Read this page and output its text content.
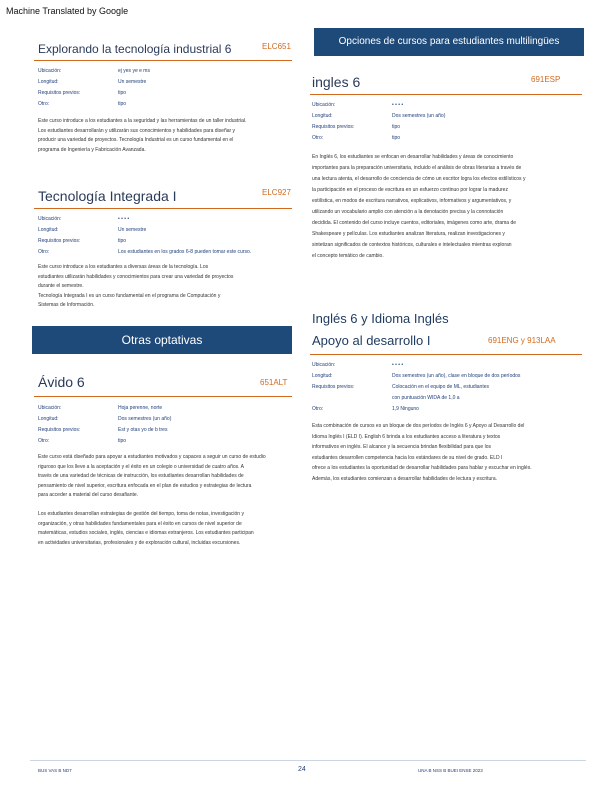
Machine Translated by Google
Explorando la tecnología industrial 6	ELC651
Ubicación:	ej yes ye e ms
Longitud:	Un semestre
Requisitos previos:	tipo
Otro:	tipo
Este curso introduce a los estudiantes a la seguridad y las herramientas de un taller industrial.
Los estudiantes desarrollarán y utilizarán sus conocimientos y habilidades para diseñar y
producir una variedad de proyectos. Tecnología Industrial es un curso fundamental en el
programa de Ingeniería y Fabricación Avanzada.
Tecnología Integrada I	ELC927
Ubicación:	• • • •
Longitud:	Un semestre
Requisitos previos:	tipo
Otro:	Los estudiantes en los grados 6-8 pueden tomar este curso.
Este curso introduce a los estudiantes a diversas áreas de la tecnología. Los
estudiantes utilizarán habilidades y conocimientos para crear una variedad de proyectos
durante el semestre.
Tecnología Integrada I es un curso fundamental en el programa de Computación y
Sistemas de Información.
Otras optativas
Ávido 6	651ALT
Ubicación:	Hoja perenne, norte
Longitud:	Dos semestres (un año)
Requisitos previos:	Est y otas yo de b tres
Otro:	tipo
Este curso está diseñado para apoyar a estudiantes motivados y capaces a seguir un curso de estudio
riguroso que los lleve a la aceptación y el éxito en un colegio o universidad de cuatro años. A
través de una variedad de técnicas de instrucción, los estudiantes desarrollan habilidades de
pensamiento de nivel superior, escritura enfocada en el plan de estudios y estrategias de lectura
para acceder a material del curso desafiante.
Los estudiantes desarrollan estrategias de gestión del tiempo, toma de notas, investigación y
organización, y otras habilidades fundamentales para el éxito en cursos de nivel superior de
matemáticas, estudios sociales, inglés, ciencias e idiomas extranjeros. Los estudiantes participan
en actividades universitarias, profesionales y de exploración cultural, incluidas excursiones.
Opciones de cursos para estudiantes multilingües
ingles 6	691ESP
Ubicación:	• • • •
Longitud:	Dos semestres (un año)
Requisitos previos:	tipo
Otro:	tipo
En Inglés 6, los estudiantes se enfocan en desarrollar habilidades y áreas de conocimiento
importantes para la preparación universitaria, incluido el análisis de obras literarias a través de
una lectura atenta, el desarrollo de conciencia de cómo un escritor logra los efectos estilísticos y
la participación en el proceso de escritura en un esfuerzo continuo por lograr la madurez
estilística, en modos de escritura narrativos, explicativos, informativos y argumentativos, y
utilizando un vocabulario amplio con atención a la denotación precisa y la connotación
decidida. El contenido del curso incluye cuentos, editoriales, imágenes como arte, drama de
Shakespeare y películas. Los estudiantes analizan literatura, realizan investigaciones y
sintetizan significados de contextos históricos, culturales e intelectuales mientras exploran
el concepto temático de cambio.
Inglés 6 y Idioma Inglés
Apoyo al desarrollo I	691ENG y 913LAA
Ubicación:	• • • •
Longitud:	Dos semestres (un año), clase en bloque de dos períodos
Requisitos previos:	Colocación en el equipo de ML, estudiantes
con puntuación WIDA de 1,0 a
Otro:	1,9 Ninguno
Esta combinación de cursos es un bloque de dos períodos de Inglés 6 y Apoyo al Desarrollo del
Idioma Inglés I (ELD I). English 6 brinda a los estudiantes acceso a literatura y textos
informativos en inglés. El alcance y la secuencia brindan flexibilidad para que los
estudiantes desarrollen competencia hacia los estándares de su nivel de grado. ELD I
ofrece a los estudiantes la oportunidad de desarrollar habilidades para hablar y escuchar en inglés.
Además, los estudiantes comienzan a desarrollar habilidades de lectura y escritura.
BUS VAS B ND7	24	UNA B NSS B BUEI ENSE 2023
